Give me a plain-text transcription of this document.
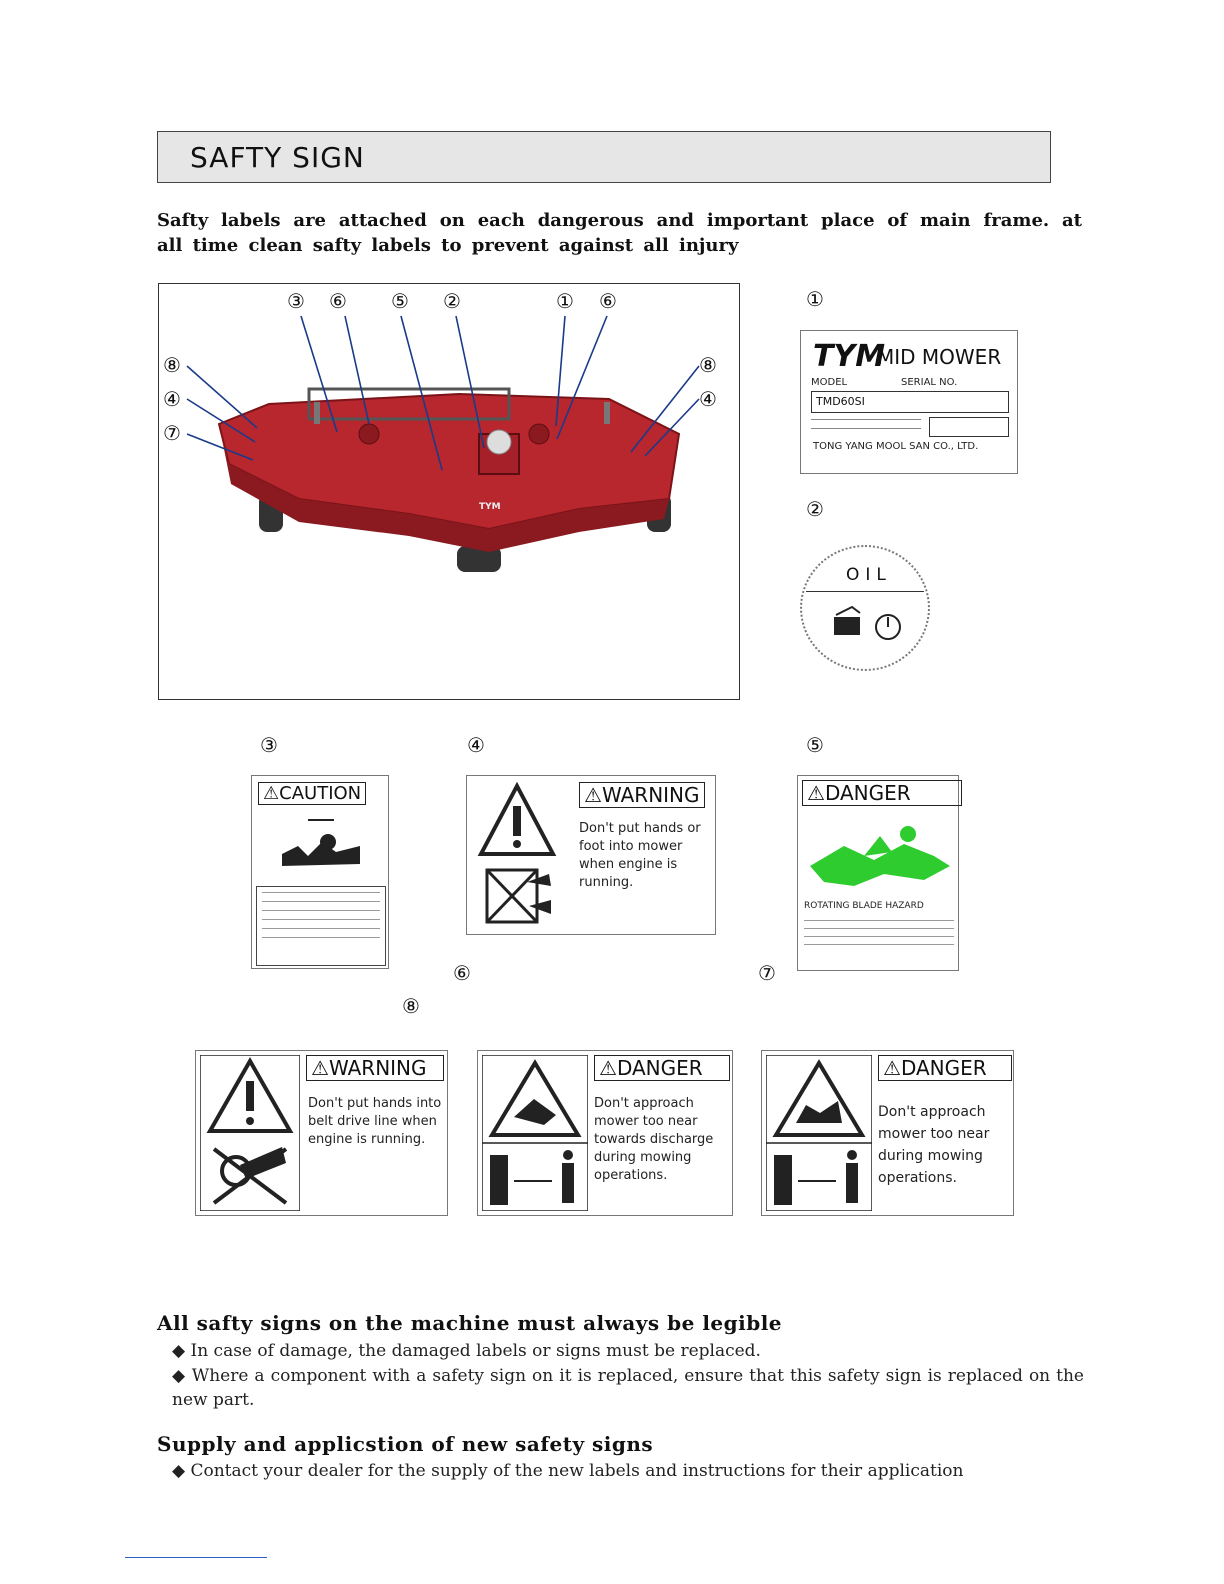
SAFTY SIGN
Safty labels are attached on each dangerous and important place of main frame. at all time clean safty labels to prevent against all injury
③ ⑥ ⑤ ②	① ⑥
⑧
④
⑦
⑧
④
TYM
①
TYM
MID MOWER
MODEL	SERIAL NO.
TMD60SI
TONG YANG MOOL SAN CO., LTD.
②
OIL
③	④	⑤
⚠CAUTION	⚠WARNING
Don't put hands or foot into mower when engine is running.
⚠DANGER
ROTATING BLADE HAZARD
⑥	⑦
⑧
⚠WARNING
Don't put hands into belt drive line when engine is running.
⚠DANGER
Don't approach mower too near towards discharge during mowing operations.
⚠DANGER
Don't approach mower too near during mowing operations.
All safty signs on the machine must always be legible
◆ In case of damage, the damaged labels or signs must be replaced.
◆ Where a component with a safety sign on it is replaced, ensure that this safety sign is replaced on the new part.
Supply and applicstion of new safety signs
◆ Contact your dealer for the supply of the new labels and instructions for their application
